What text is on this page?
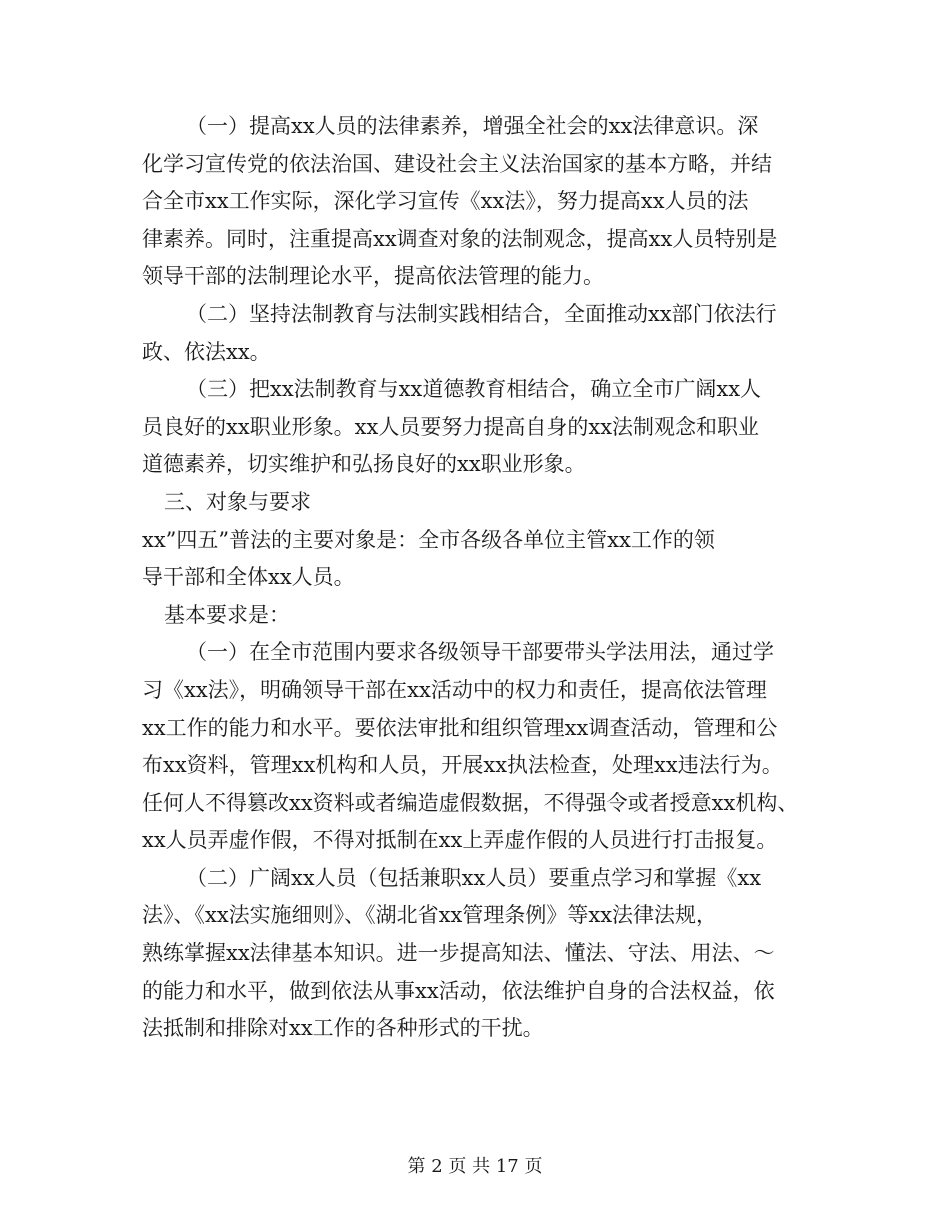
（一）提高xx人员的法律素养，增强全社会的xx法律意识。深
化学习宣传党的依法治国、建设社会主义法治国家的基本方略，并结
合全市xx工作实际，深化学习宣传《xx法》，努力提高xx人员的法
律素养。同时，注重提高xx调查对象的法制观念，提高xx人员特别是
领导干部的法制理论水平，提高依法管理的能力。
（二）坚持法制教育与法制实践相结合，全面推动xx部门依法行
政、依法xx。
（三）把xx法制教育与xx道德教育相结合，确立全市广阔xx人
员良好的xx职业形象。xx人员要努力提高自身的xx法制观念和职业
道德素养，切实维护和弘扬良好的xx职业形象。
三、对象与要求
xx”四五”普法的主要对象是：全市各级各单位主管xx工作的领
导干部和全体xx人员。
基本要求是：
（一）在全市范围内要求各级领导干部要带头学法用法，通过学
习《xx法》，明确领导干部在xx活动中的权力和责任，提高依法管理
xx工作的能力和水平。要依法审批和组织管理xx调查活动，管理和公
布xx资料，管理xx机构和人员，开展xx执法检查，处理xx违法行为。
任何人不得篡改xx资料或者编造虚假数据，不得强令或者授意xx机构、
xx人员弄虚作假，不得对抵制在xx上弄虚作假的人员进行打击报复。
（二）广阔xx人员（包括兼职xx人员）要重点学习和掌握《xx
法》、《xx法实施细则》、《湖北省xx管理条例》等xx法律法规，
熟练掌握xx法律基本知识。进一步提高知法、懂法、守法、用法、～
的能力和水平，做到依法从事xx活动，依法维护自身的合法权益，依
法抵制和排除对xx工作的各种形式的干扰。
第 2 页 共 17 页
